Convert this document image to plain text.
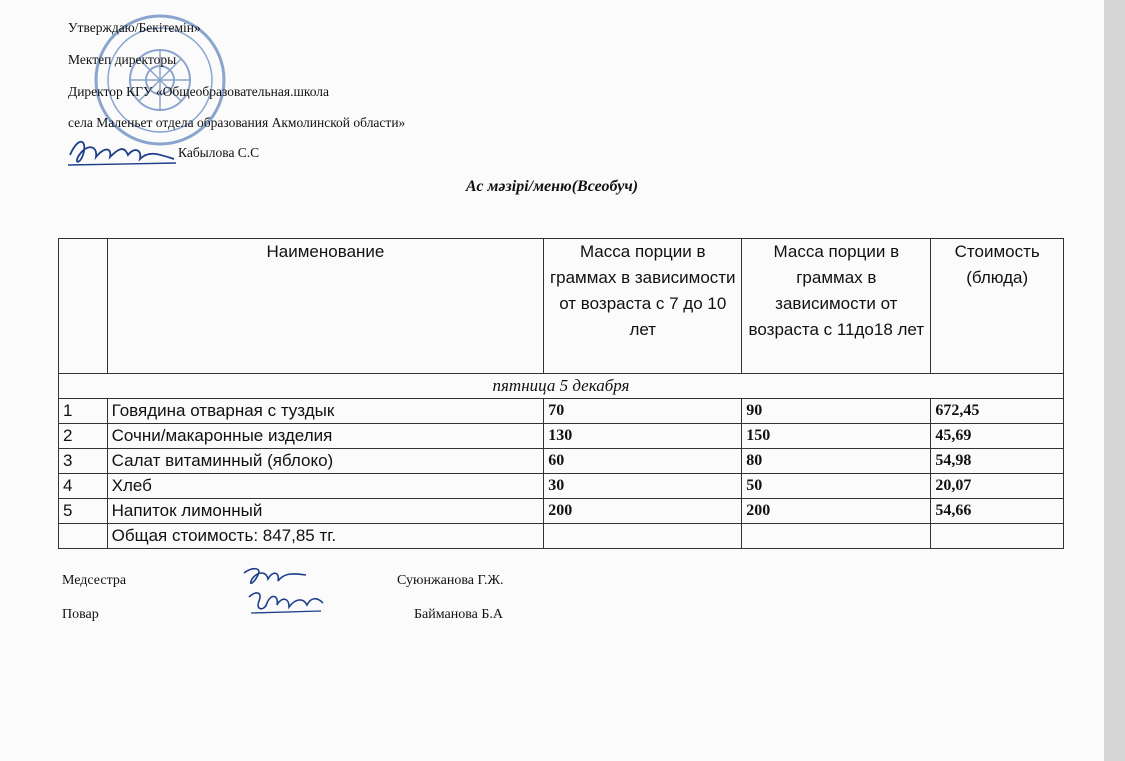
Утверждаю/Бекітемін»
Мектеп директоры
Директор КГУ «Общеобразовательная.школа
села Маленьет отдела образования Акмолинской области»
Кабылова С.С
Ас мәзірі/меню(Всеобуч)
	Наименование	Масса порции в граммах в зависимости от возраста с 7 до 10 лет	Масса порции в граммах в зависимости от возраста с 11до18 лет	Стоимость (блюда)
пятница 5 декабря				
1	Говядина отварная с туздык	70	90	672,45
2	Сочни/макаронные изделия	130	150	45,69
3	Салат витаминный (яблоко)	60	80	54,98
4	Хлеб	30	50	20,07
5	Напиток лимонный	200	200	54,66
	Общая стоимость: 847,85 тг.			
Медсестра	Суюнжанова Г.Ж.
Повар	Байманова Б.А
